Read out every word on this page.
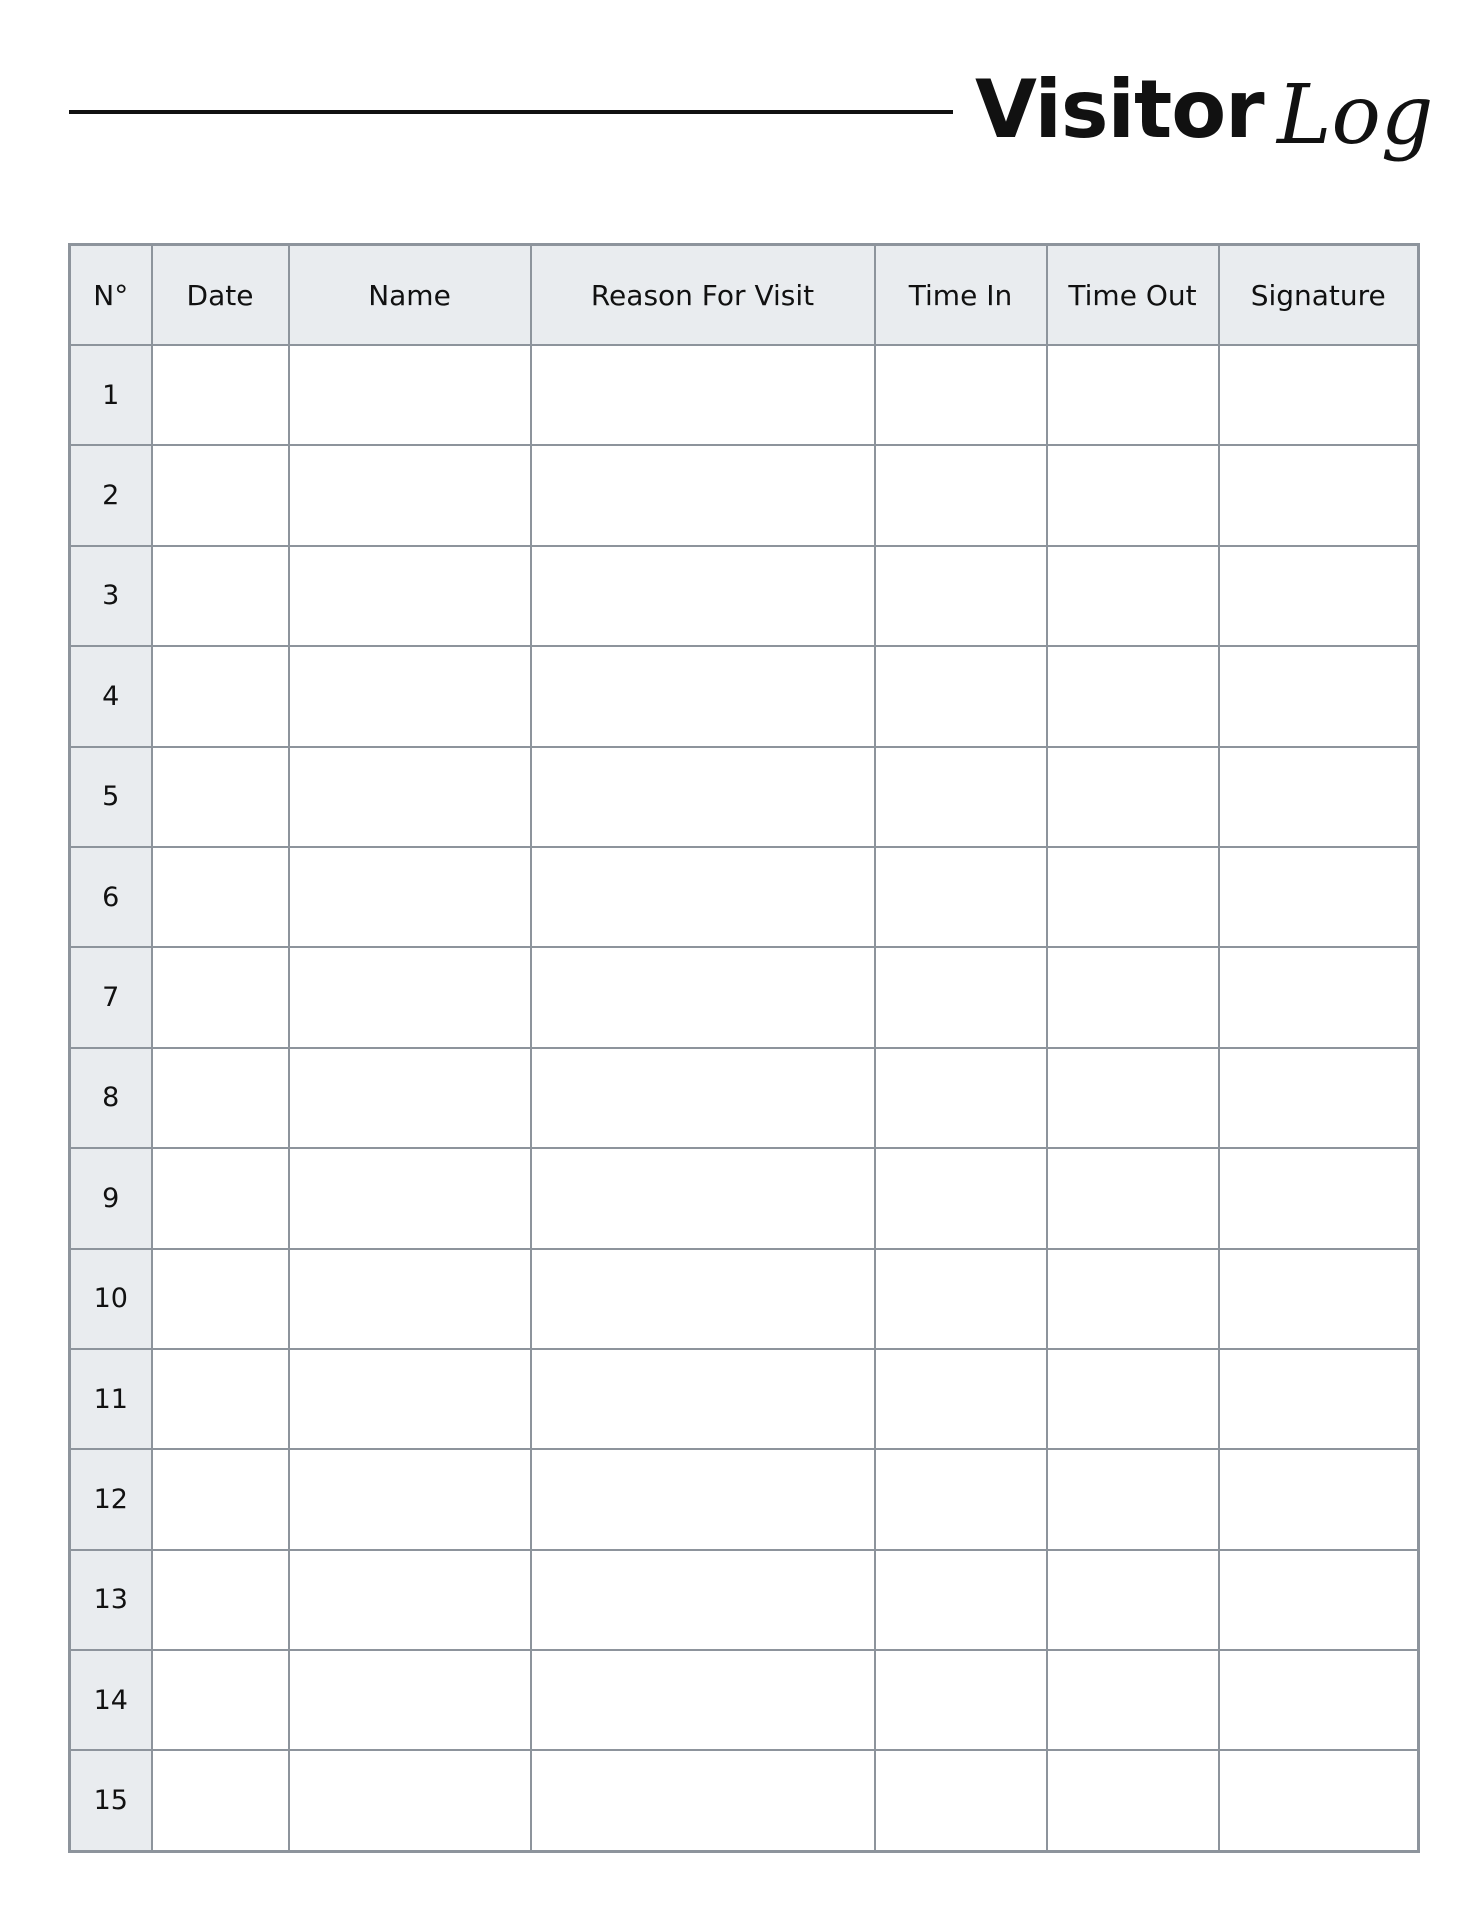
Visitor Log
N°	Date	Name	Reason For Visit	Time In	Time Out	Signature
1						
2						
3						
4						
5						
6						
7						
8						
9						
10						
11						
12						
13						
14						
15						
